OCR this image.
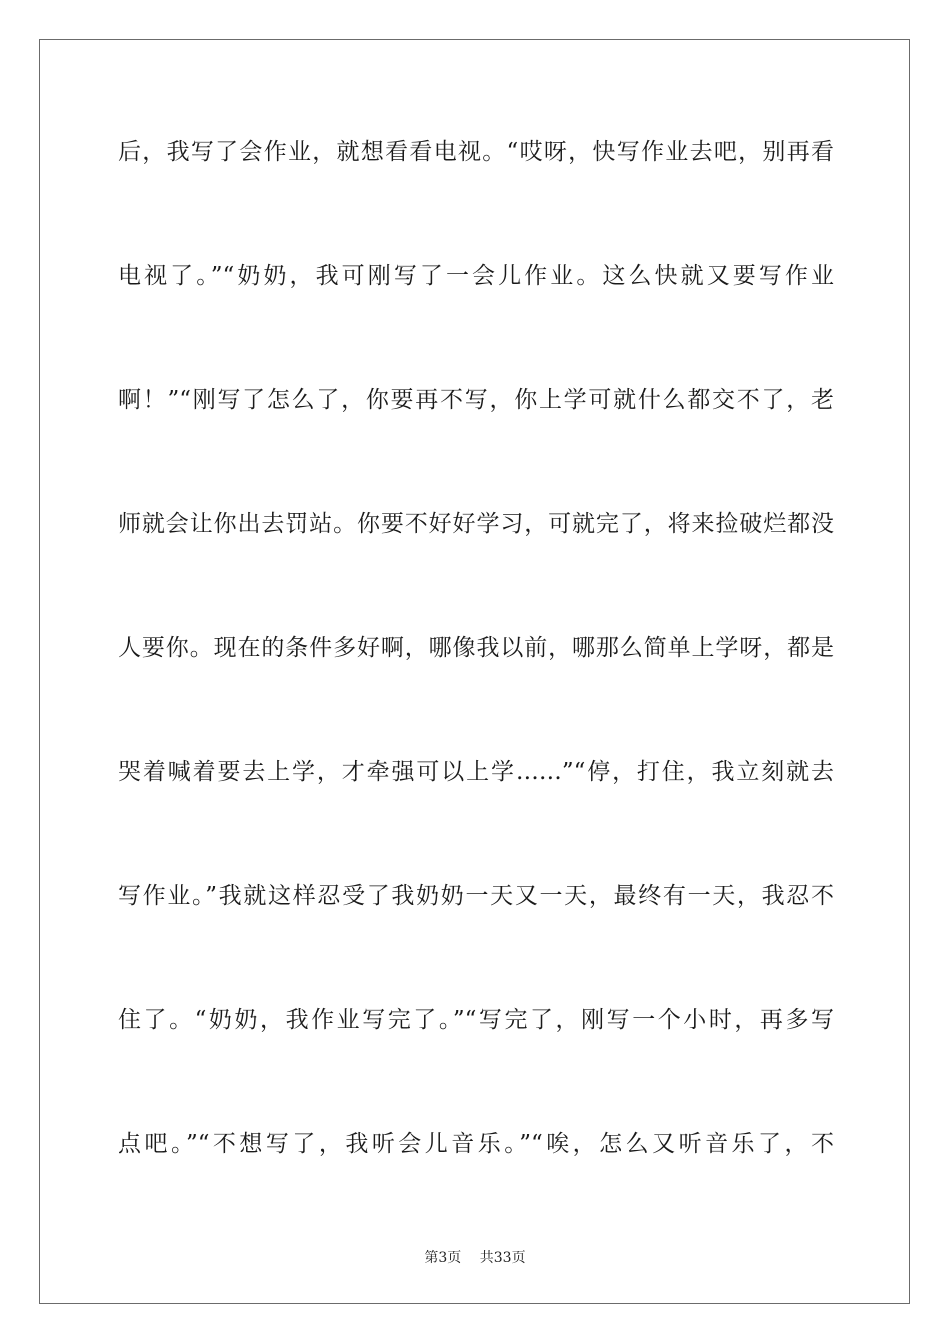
后，我写了会作业，就想看看电视。“哎呀，快写作业去吧，别再看
电视了。”“奶奶，我可刚写了一会儿作业。这么快就又要写作业
啊！”“刚写了怎么了，你要再不写，你上学可就什么都交不了，老
师就会让你出去罚站。你要不好好学习，可就完了，将来捡破烂都没
人要你。现在的条件多好啊，哪像我以前，哪那么简单上学呀，都是
哭着喊着要去上学，才牵强可以上学……”“停，打住，我立刻就去
写作业。”我就这样忍受了我奶奶一天又一天，最终有一天，我忍不
住了。“奶奶，我作业写完了。”“写完了，刚写一个小时，再多写
点吧。”“不想写了，我听会儿音乐。”“唉，怎么又听音乐了，不
第3页 共33页
